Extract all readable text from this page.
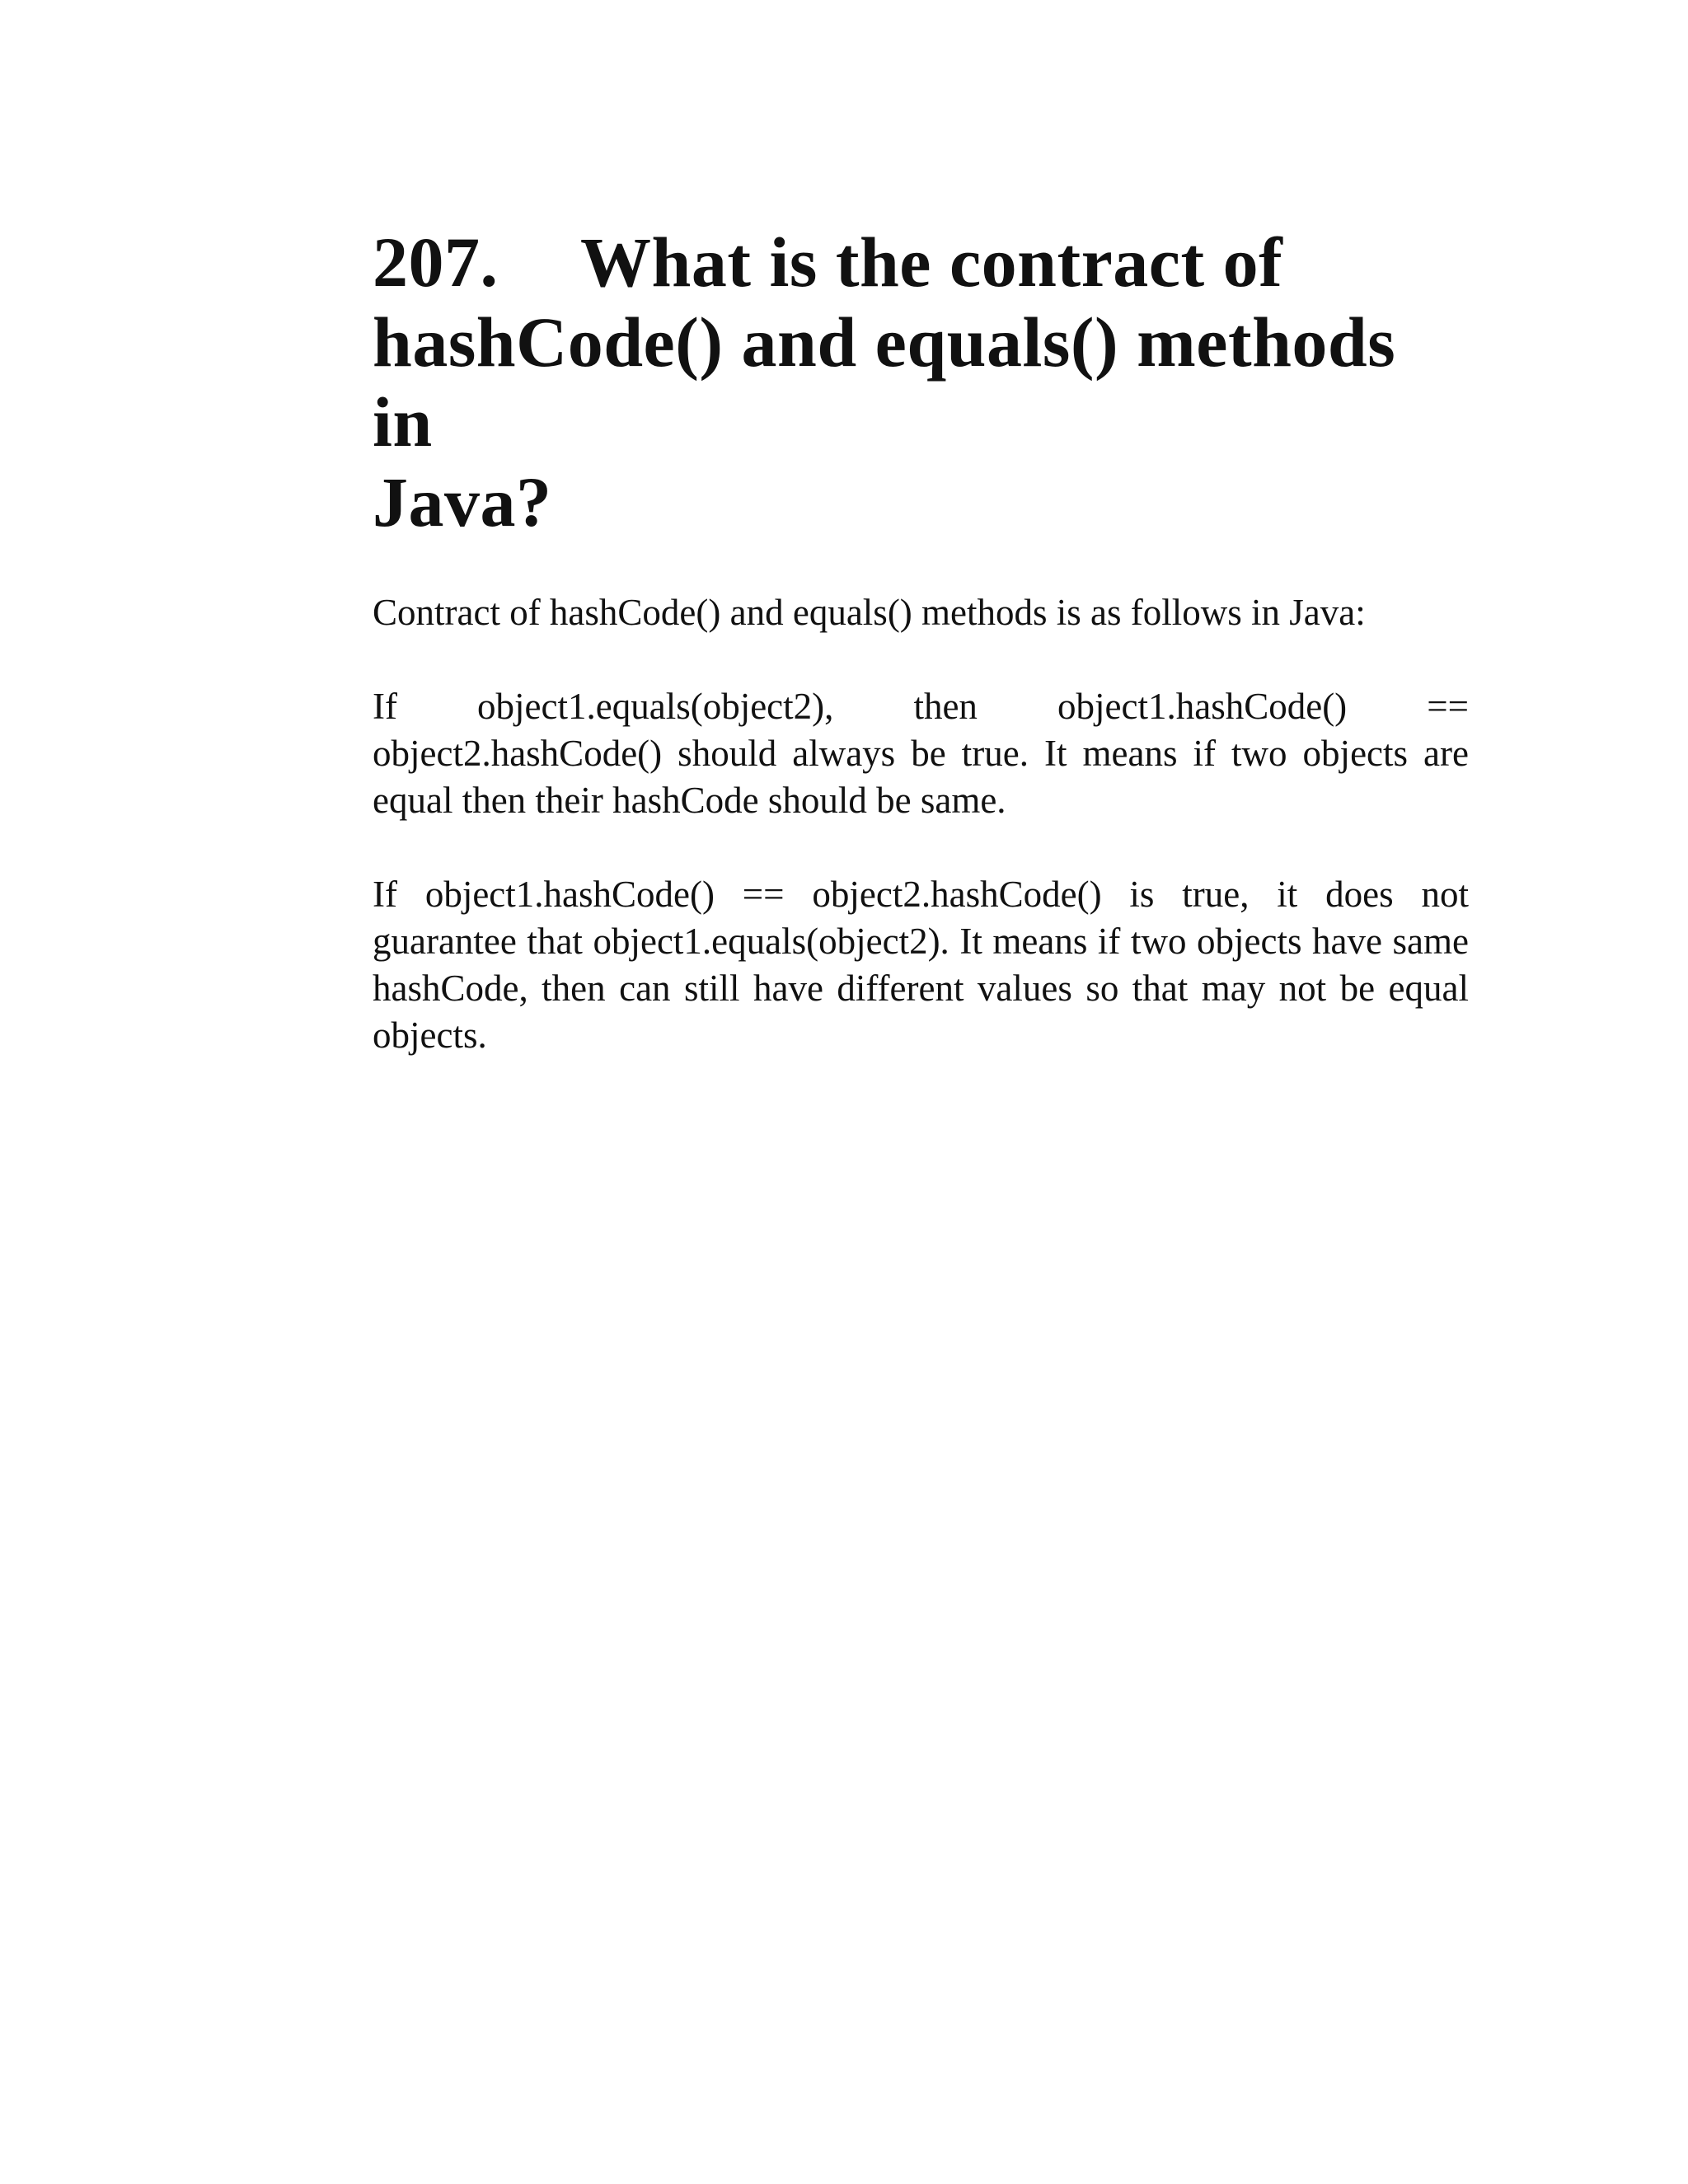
207. What is the contract of
hashCode() and equals() methods in
Java?

Contract of hashCode() and equals() methods is as follows in Java:

If object1.equals(object2), then object1.hashCode() == object2.hashCode() should always be true. It means if two objects are equal then their hashCode should be same.

If object1.hashCode() == object2.hashCode() is true, it does not guarantee that object1.equals(object2). It means if two objects have same hashCode, then can still have different values so that may not be equal objects.
